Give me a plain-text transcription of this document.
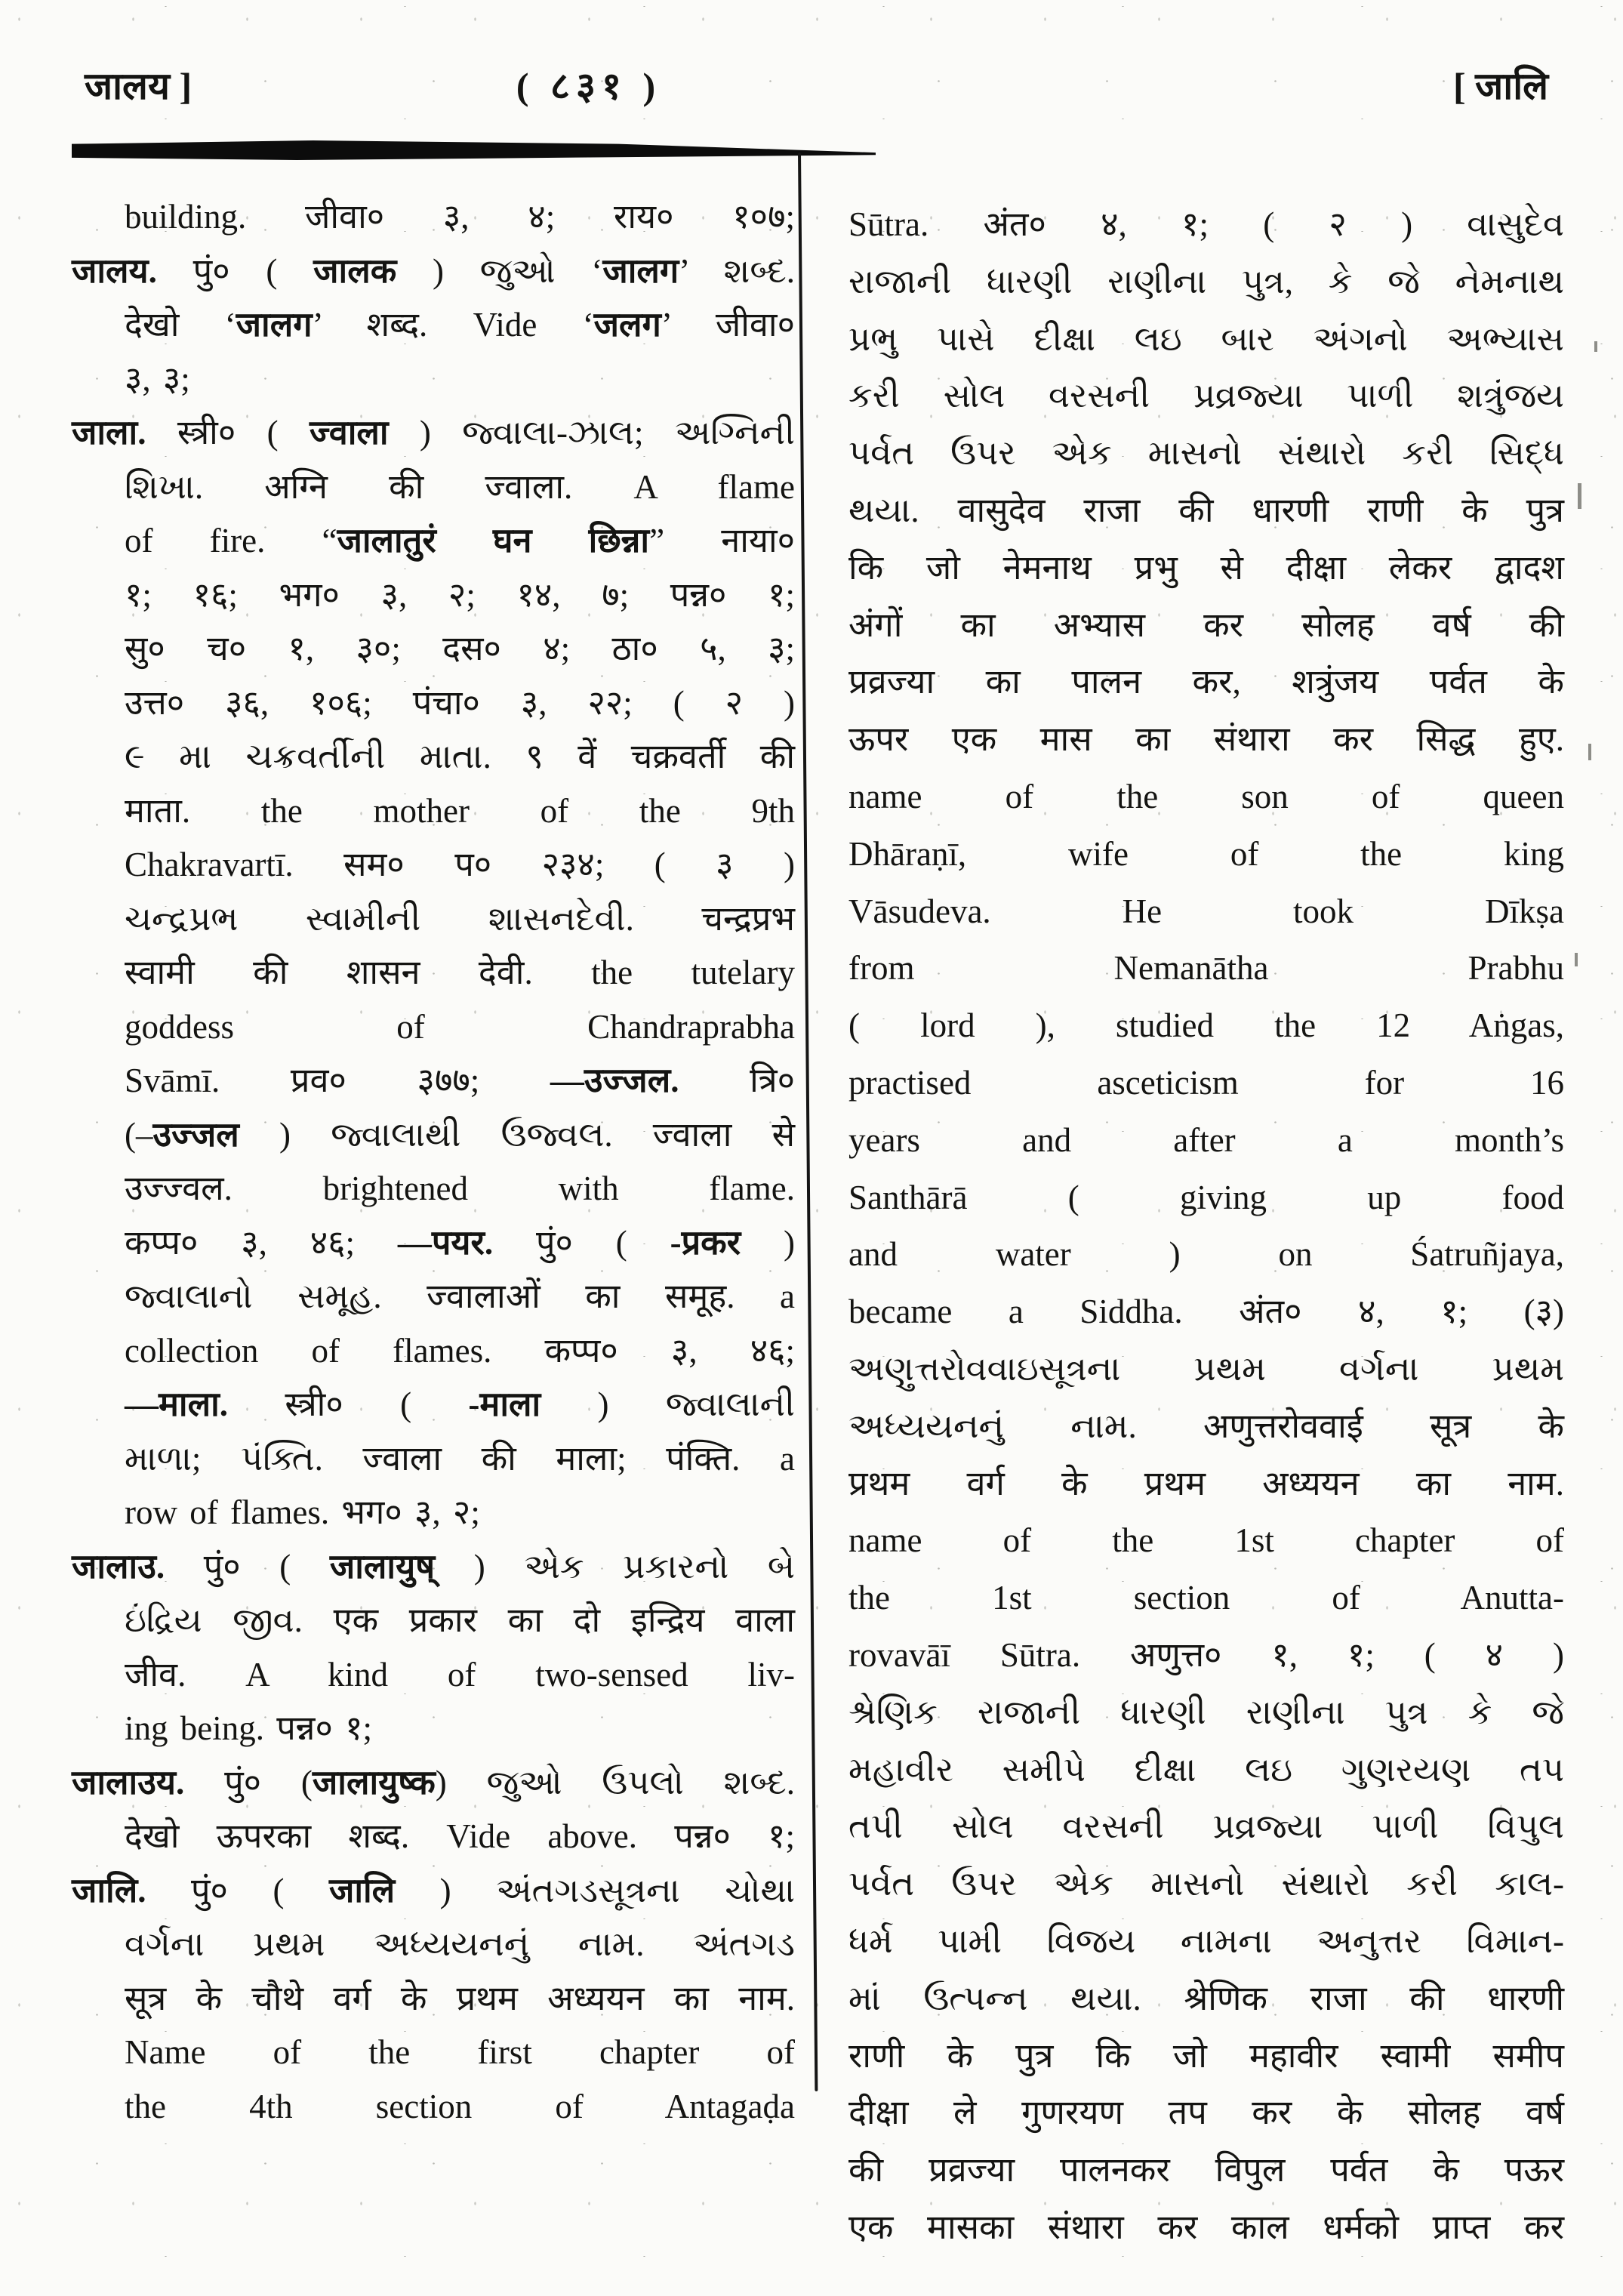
जालय ]	( ८३१ )	[ जालि
building. जीवा० ३, ४; राय० १०७;
जालय. पुं० ( जालक ) જુઓ ‘जालग’ શબ્દ.
देखो ‘जालग’ शब्द. Vide ‘जलग’ जीवा०
३, ३;
जाला. स्त्री० ( ज्वाला ) જ્વાલા-ઝાલ; અગ્નિની
શિખા. अग्नि की ज्वाला. A flame
of fire. “जालातुरं घन छिन्ना” नाया०
१; १६; भग० ३, २; १४, ७; पन्न० १;
सु० च० १, ३०; दस० ४; ठा० ५, ३;
उत्त० ३६, १०६; पंचा० ३, २२; ( २ )
૯ મા ચક્રવર્તીની માતા. ९ वें चक्रवर्ती की
माता. the mother of the 9th
Chakravartī. सम० प० २३४; ( ३ )
ચન્દ્રપ્રભ સ્વામીની શાસનદેવી. चन्द्रप्रभ
स्वामी की शासन देवी. the tutelary
goddess of Chandraprabha
Svāmī. प्रव० ३७७; —उज्जल. त्रि०
(–उज्जल ) જ્વાલાથી ઉજ્વલ. ज्वाला से
उज्ज्वल. brightened with flame.
कप्प० ३, ४६; —पयर. पुं० ( -प्रकर )
જ્વાલાનો સમૂહ. ज्वालाओं का समूह. a
collection of flames. कप्प० ३, ४६;
—माला. स्त्री० ( -माला ) જ્વાલાની
માળા; પંક્તિ. ज्वाला की माला; पंक्ति. a
row of flames. भग० ३, २;
जालाउ. पुं० ( जालायुष् ) એક પ્રકારનો બે
ઇંદ્રિય જીવ. एक प्रकार का दो इन्द्रिय वाला
जीव. A kind of two-sensed liv-
ing being. पन्न० १;
जालाउय. पुं० (जालायुष्क) જુઓ ઉપલો શબ્દ.
देखो ऊपरका शब्द. Vide above. पन्न० १;
जालि. पुं० ( जालि ) અંતગડસૂત્રના ચોથા
વર્ગના પ્રથમ અધ્યયનનું નામ. અંતગડ
सूत्र के चौथे वर्ग के प्रथम अध्ययन का नाम.
Name of the first chapter of
the 4th section of Antagaḍa
Sūtra. अंत० ४, १; ( २ ) વાસુદેવ
રાજાની ધારણી રાણીના પુત્ર, કે જે નેમનાથ
પ્રભુ પાસે દીક્ષા લઇ બાર અંગનો અભ્યાસ
કરી સોલ વરસની પ્રવ્રજ્યા પાળી શત્રુંજય
પર્વત ઉપર એક માસનો સંથારો કરી સિદ્ધ
થયા. वासुदेव राजा की धारणी राणी के पुत्र
कि जो नेमनाथ प्रभु से दीक्षा लेकर द्वादश
अंगों का अभ्यास कर सोलह वर्ष की
प्रव्रज्या का पालन कर, शत्रुंजय पर्वत के
ऊपर एक मास का संथारा कर सिद्ध हुए.
name of the son of queen
Dhāraṇī, wife of the king
Vāsudeva. He took Dīkṣa
from Nemanātha Prabhu
( lord ), studied the 12 Aṅgas,
practised asceticism for 16
years and after a month’s
Santhārā ( giving up food
and water ) on Śatruñjaya,
became a Siddha. अंत० ४, १; (३)
અણુત્તરોવવાઇસૂત્રના પ્રથમ વર્ગના પ્રથમ
અધ્યયનનું નામ. अणुत्तरोववाई सूत्र के
प्रथम वर्ग के प्रथम अध्ययन का नाम.
name of the 1st chapter of
the 1st section of Anutta-
rovavāī Sūtra. अणुत्त० १, १; ( ४ )
શ્રેણિક રાજાની ધારણી રાણીના પુત્ર કે જે
મહાવીર સમીપે દીક્ષા લઇ ગુણરયણ તપ
તપી સોલ વરસની પ્રવ્રજ્યા પાળી વિપુલ
પર્વત ઉપર એક માસનો સંથારો કરી કાલ-
ધર્મ પામી વિજય નામના અનુત્તર વિમાન-
માં ઉત્પન્ન થયા. श्रेणिक राजा की धारणी
राणी के पुत्र कि जो महावीर स्वामी समीप
दीक्षा ले गुणरयण तप कर के सोलह वर्ष
की प्रव्रज्या पालनकर विपुल पर्वत के पऊर
एक मासका संथारा कर काल धर्मको प्राप्त कर
